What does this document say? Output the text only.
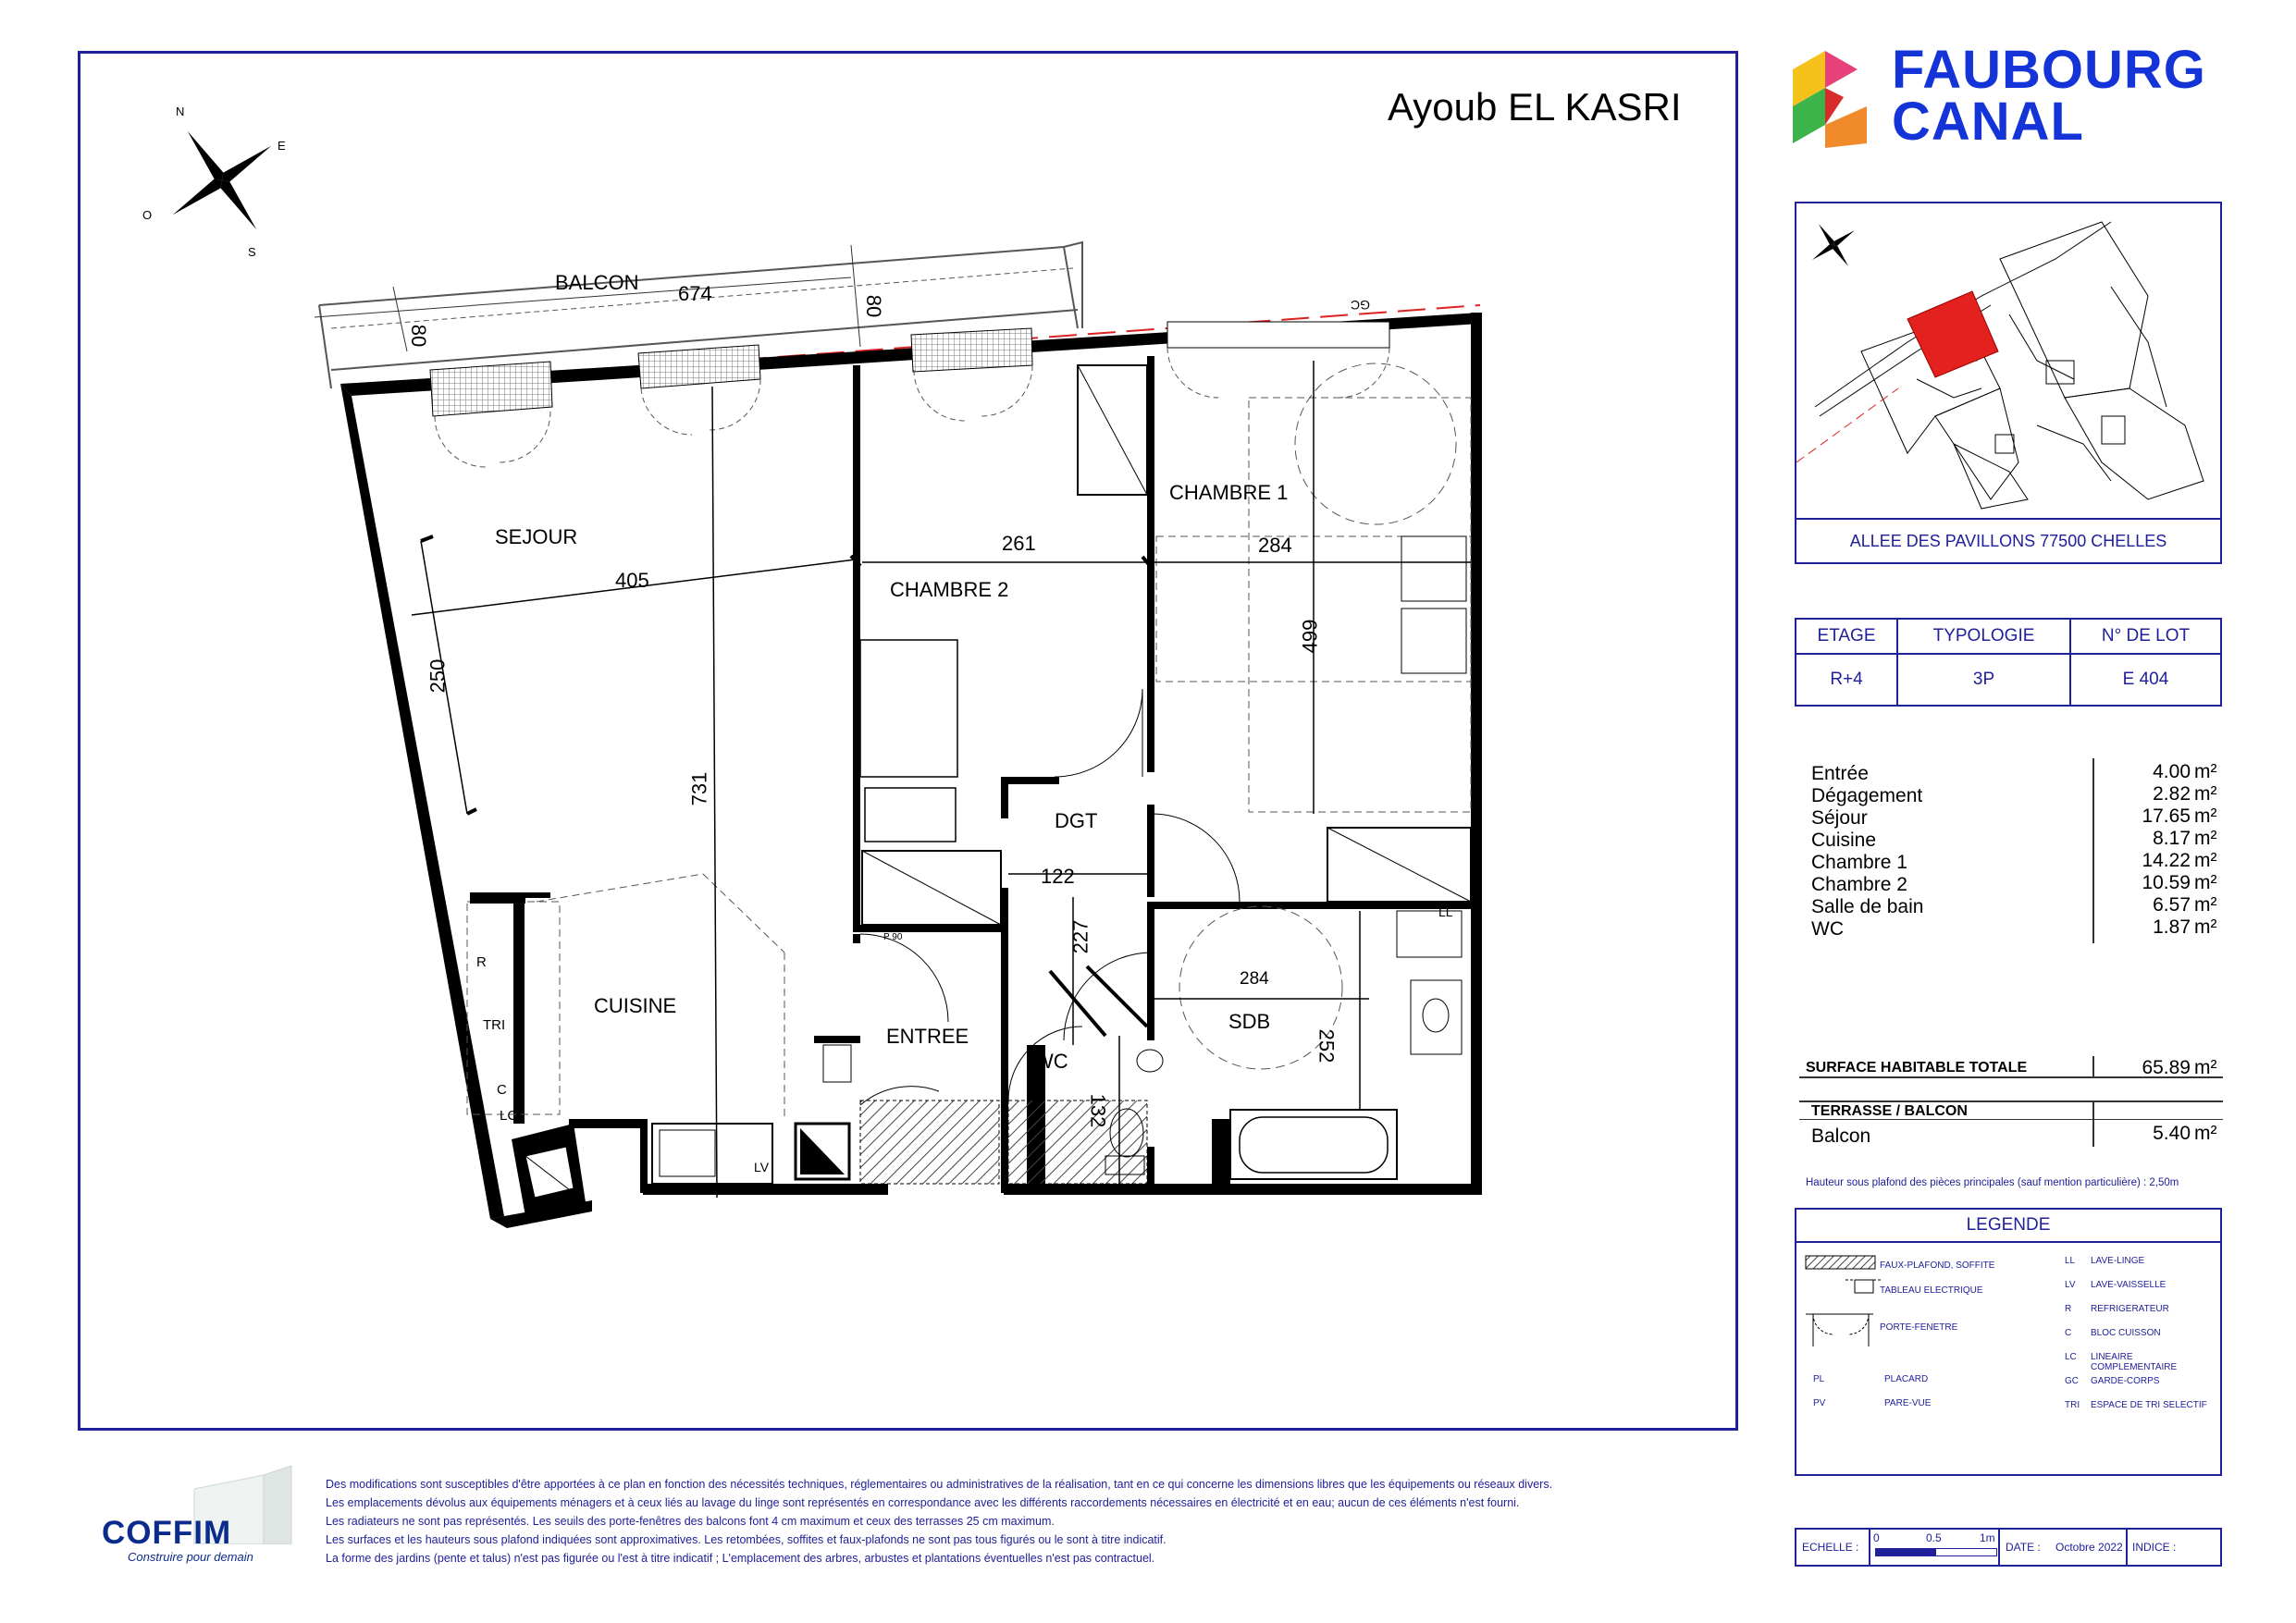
Ayoub EL KASRI
BALCON
SEJOUR
CHAMBRE 1
CHAMBRE 2
DGT
CUISINE
ENTREE
WC
SDB
N
E
S
O
674
80
80
405
261	284
499
250
731
122
227
284
252
132
R
TRI
C
LC
LV
LL
P 90
GC
FAUBOURG
CANAL
ALLEE DES PAVILLONS 77500 CHELLES
ETAGE	TYPOLOGIE	N° DE LOT
R+4	3P	E 404
Entrée	4.00 m²
Dégagement	2.82 m²
Séjour	17.65 m²
Cuisine	8.17 m²
Chambre 1	14.22 m²
Chambre 2	10.59 m²
Salle de bain	6.57 m²
WC	1.87 m²
SURFACE HABITABLE TOTALE	65.89 m²
TERRASSE / BALCON
Balcon	5.40 m²
Hauteur sous plafond des pièces principales (sauf mention particulière) : 2,50m
LEGENDE
FAUX-PLAFOND, SOFFITE
TABLEAU ELECTRIQUE
PORTE-FENETRE
PL	PLACARD
PV	PARE-VUE
LL LAVE-LINGE
LV LAVE-VAISSELLE
R REFRIGERATEUR
C BLOC CUISSON
LC LINEAIRE COMPLEMENTAIRE
GC GARDE-CORPS
TRI ESPACE DE TRI SELECTIF
COFFIM
Construire pour demain
Des modifications sont susceptibles d'être apportées à ce plan en fonction des nécessités techniques, réglementaires ou administratives de la réalisation, tant en ce qui concerne les dimensions libres que les équipements ou réseaux divers.
Les emplacements dévolus aux équipements ménagers et à ceux liés au lavage du linge sont représentés en correspondance avec les différents raccordements nécessaires en électricité et en eau; aucun de ces éléments n'est fourni.
Les radiateurs ne sont pas représentés. Les seuils des porte-fenêtres des balcons font 4 cm maximum et ceux des terrasses 25 cm maximum.
Les surfaces et les hauteurs sous plafond indiquées sont approximatives. Les retombées, soffites et faux-plafonds ne sont pas tous figurés ou le sont à titre indicatif.
La forme des jardins (pente et talus) n'est pas figurée ou l'est à titre indicatif ; L'emplacement des arbres, arbustes et plantations éventuelles n'est pas contractuel.
ECHELLE :
0	0.5	1m
DATE : Octobre 2022 INDICE :
